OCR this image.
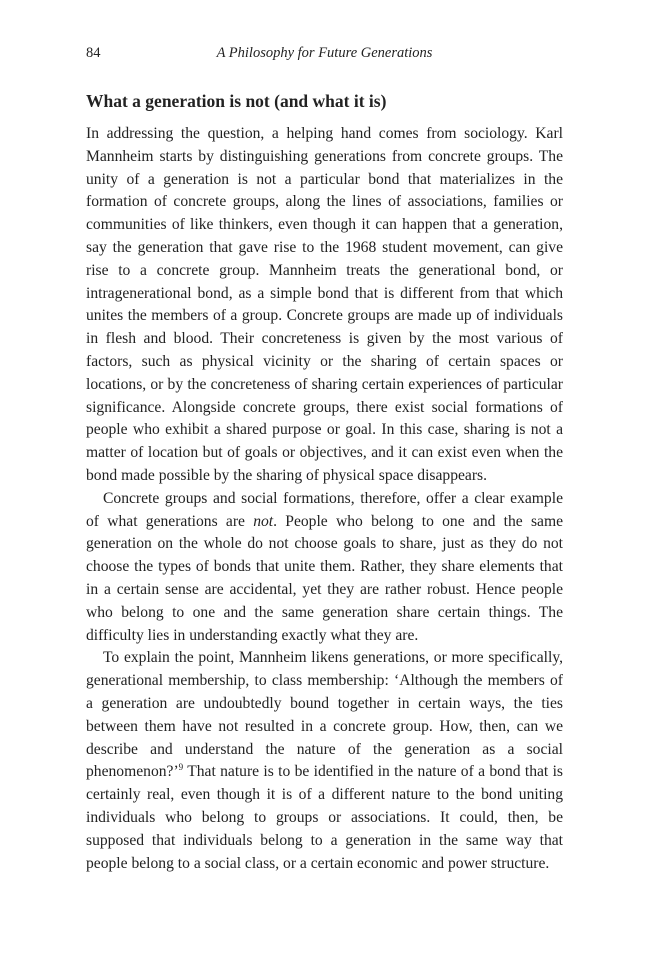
84	A Philosophy for Future Generations
What a generation is not (and what it is)

In addressing the question, a helping hand comes from sociology. Karl Mannheim starts by distinguishing generations from concrete groups. The unity of a generation is not a particular bond that materializes in the formation of concrete groups, along the lines of associations, families or communities of like thinkers, even though it can happen that a generation, say the generation that gave rise to the 1968 student movement, can give rise to a concrete group. Mannheim treats the generational bond, or intragenerational bond, as a simple bond that is different from that which unites the members of a group. Concrete groups are made up of individuals in flesh and blood. Their concreteness is given by the most various of factors, such as physical vicinity or the sharing of certain spaces or locations, or by the concreteness of sharing certain experiences of particular significance. Alongside concrete groups, there exist social formations of people who exhibit a shared purpose or goal. In this case, sharing is not a matter of location but of goals or objectives, and it can exist even when the bond made possible by the sharing of physical space disappears.

Concrete groups and social formations, therefore, offer a clear example of what generations are not. People who belong to one and the same generation on the whole do not choose goals to share, just as they do not choose the types of bonds that unite them. Rather, they share elements that in a certain sense are accidental, yet they are rather robust. Hence people who belong to one and the same generation share certain things. The difficulty lies in understanding exactly what they are.

To explain the point, Mannheim likens generations, or more specifically, generational membership, to class membership: ‘Although the members of a generation are undoubtedly bound together in certain ways, the ties between them have not resulted in a concrete group. How, then, can we describe and understand the nature of the generation as a social phenomenon?’$^9$ That nature is to be identified in the nature of a bond that is certainly real, even though it is of a different nature to the bond uniting individuals who belong to groups or associations. It could, then, be supposed that individuals belong to a generation in the same way that people belong to a social class, or a certain economic and power structure.
